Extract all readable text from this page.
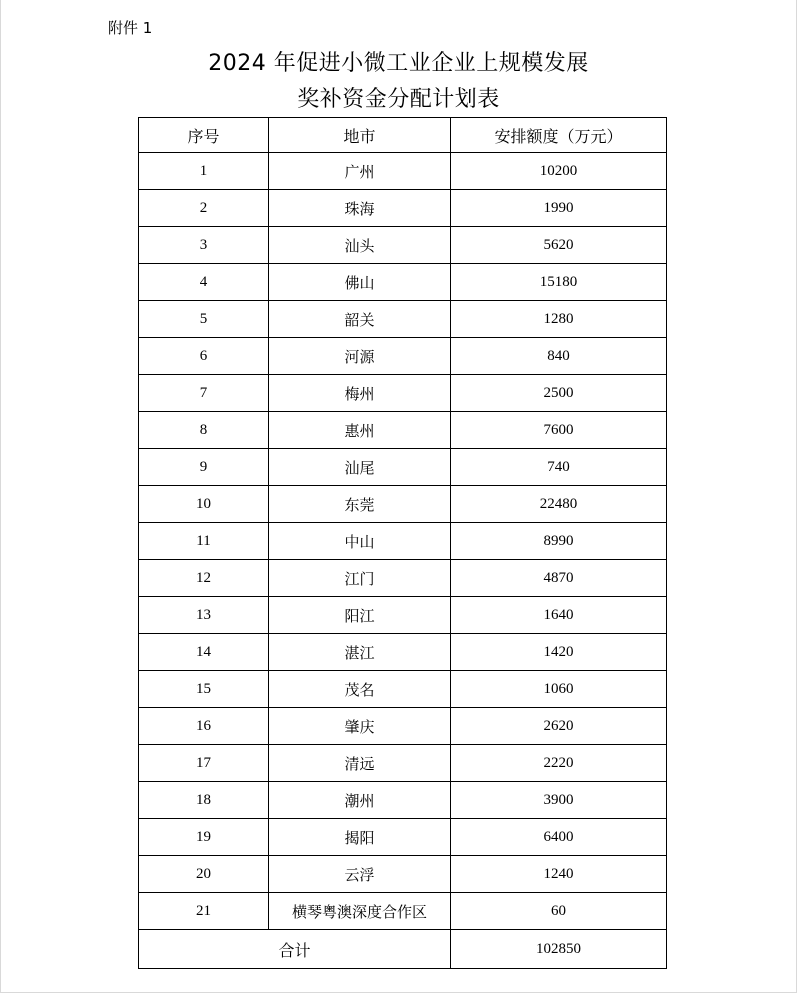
附件 1
2024 年促进小微工业企业上规模发展
奖补资金分配计划表
序号	地市	安排额度（万元）
1	广州	10200
2	珠海	1990
3	汕头	5620
4	佛山	15180
5	韶关	1280
6	河源	840
7	梅州	2500
8	惠州	7600
9	汕尾	740
10	东莞	22480
11	中山	8990
12	江门	4870
13	阳江	1640
14	湛江	1420
15	茂名	1060
16	肇庆	2620
17	清远	2220
18	潮州	3900
19	揭阳	6400
20	云浮	1240
21	横琴粤澳深度合作区	60
合计		102850
